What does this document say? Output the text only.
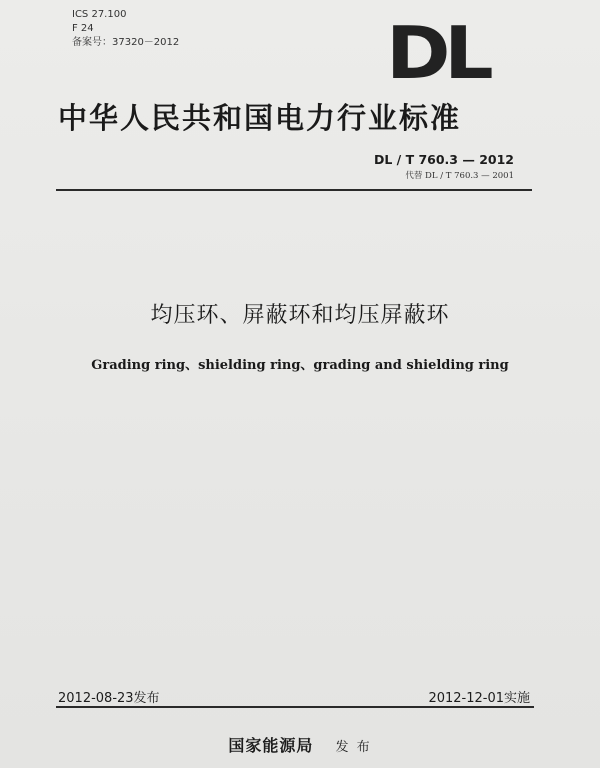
ICS 27.100
F 24
备案号：37320－2012	DL
中华人民共和国电力行业标准
DL / T 760.3 — 2012
代替 DL / T 760.3 — 2001
均压环、屏蔽环和均压屏蔽环
Grading ring、shielding ring、grading and shielding ring
2012-08-23发布	2012-12-01实施
国家能源局 发 布
